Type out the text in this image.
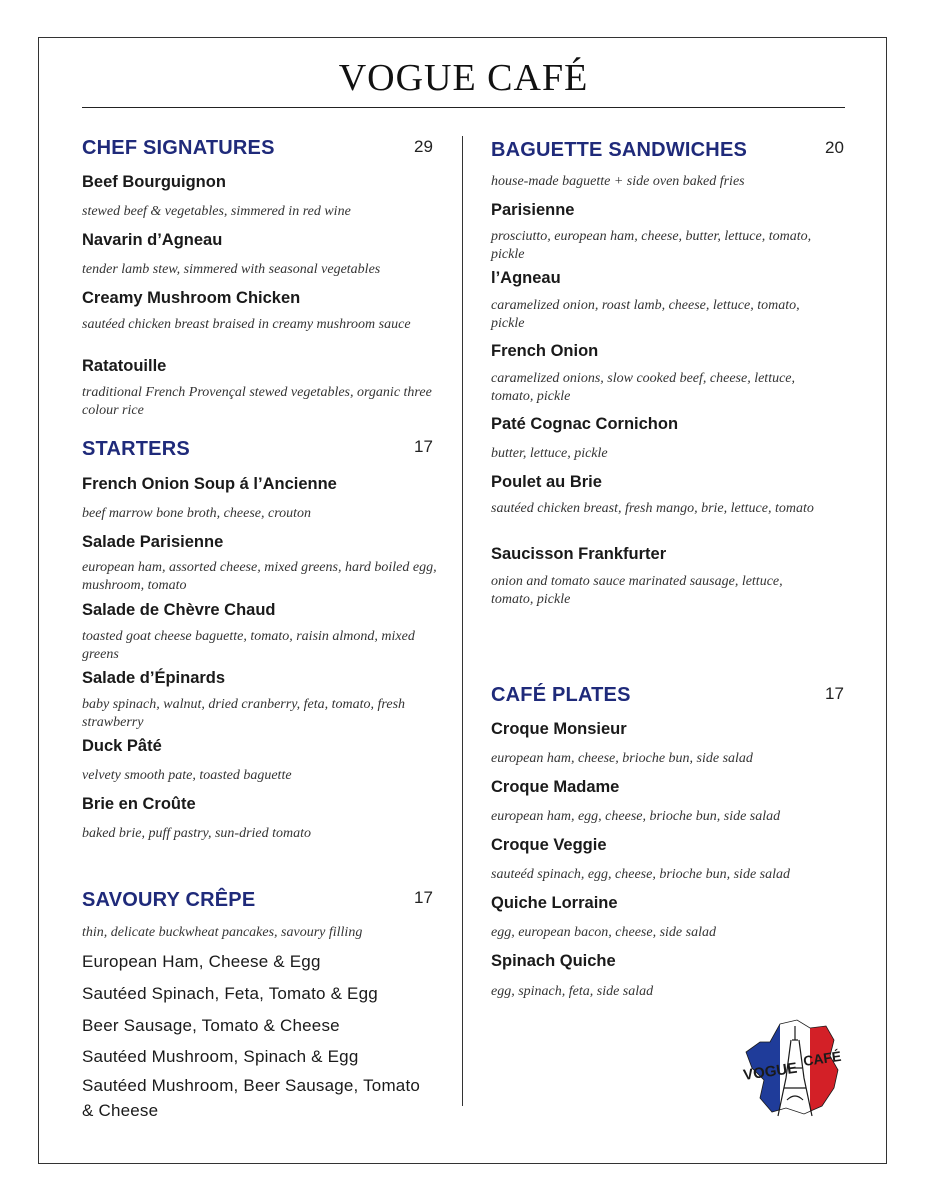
VOGUE CAFÉ
CHEF SIGNATURES	29
Beef Bourguignon
stewed beef & vegetables, simmered in red wine
Navarin d’Agneau
tender lamb stew, simmered with seasonal vegetables
Creamy Mushroom Chicken
sautéed chicken breast braised in creamy mushroom sauce
Ratatouille
traditional French Provençal stewed vegetables, organic three colour rice
STARTERS	17
French Onion Soup á l’Ancienne
beef marrow bone broth, cheese, crouton
Salade Parisienne
european ham, assorted cheese, mixed greens, hard boiled egg, mushroom, tomato
Salade de Chèvre Chaud
toasted goat cheese baguette, tomato, raisin almond, mixed greens
Salade d’Épinards
baby spinach, walnut, dried cranberry, feta, tomato, fresh strawberry
Duck Pâté
velvety smooth pate, toasted baguette
Brie en Croûte
baked brie, puff pastry, sun-dried tomato
SAVOURY CRÊPE	17
thin, delicate buckwheat pancakes, savoury filling
European Ham, Cheese & Egg
Sautéed Spinach, Feta, Tomato & Egg
Beer Sausage, Tomato & Cheese
Sautéed Mushroom, Spinach & Egg
Sautéed Mushroom, Beer Sausage, Tomato
& Cheese
BAGUETTE SANDWICHES	20
house-made baguette + side oven baked fries
Parisienne
prosciutto, european ham, cheese, butter, lettuce, tomato, pickle
l’Agneau
caramelized onion, roast lamb, cheese, lettuce, tomato, pickle
French Onion
caramelized onions, slow cooked beef, cheese, lettuce, tomato, pickle
Paté Cognac Cornichon
butter, lettuce, pickle
Poulet au Brie
sautéed chicken breast, fresh mango, brie, lettuce, tomato
Saucisson Frankfurter
onion and tomato sauce marinated sausage, lettuce, tomato, pickle
CAFÉ PLATES	17
Croque Monsieur
european ham, cheese, brioche bun, side salad
Croque Madame
european ham, egg, cheese, brioche bun, side salad
Croque Veggie
sauteéd spinach, egg, cheese, brioche bun, side salad
Quiche Lorraine
egg, european bacon, cheese, side salad
Spinach Quiche
egg, spinach, feta, side salad
VOGUE
CAFÉ
